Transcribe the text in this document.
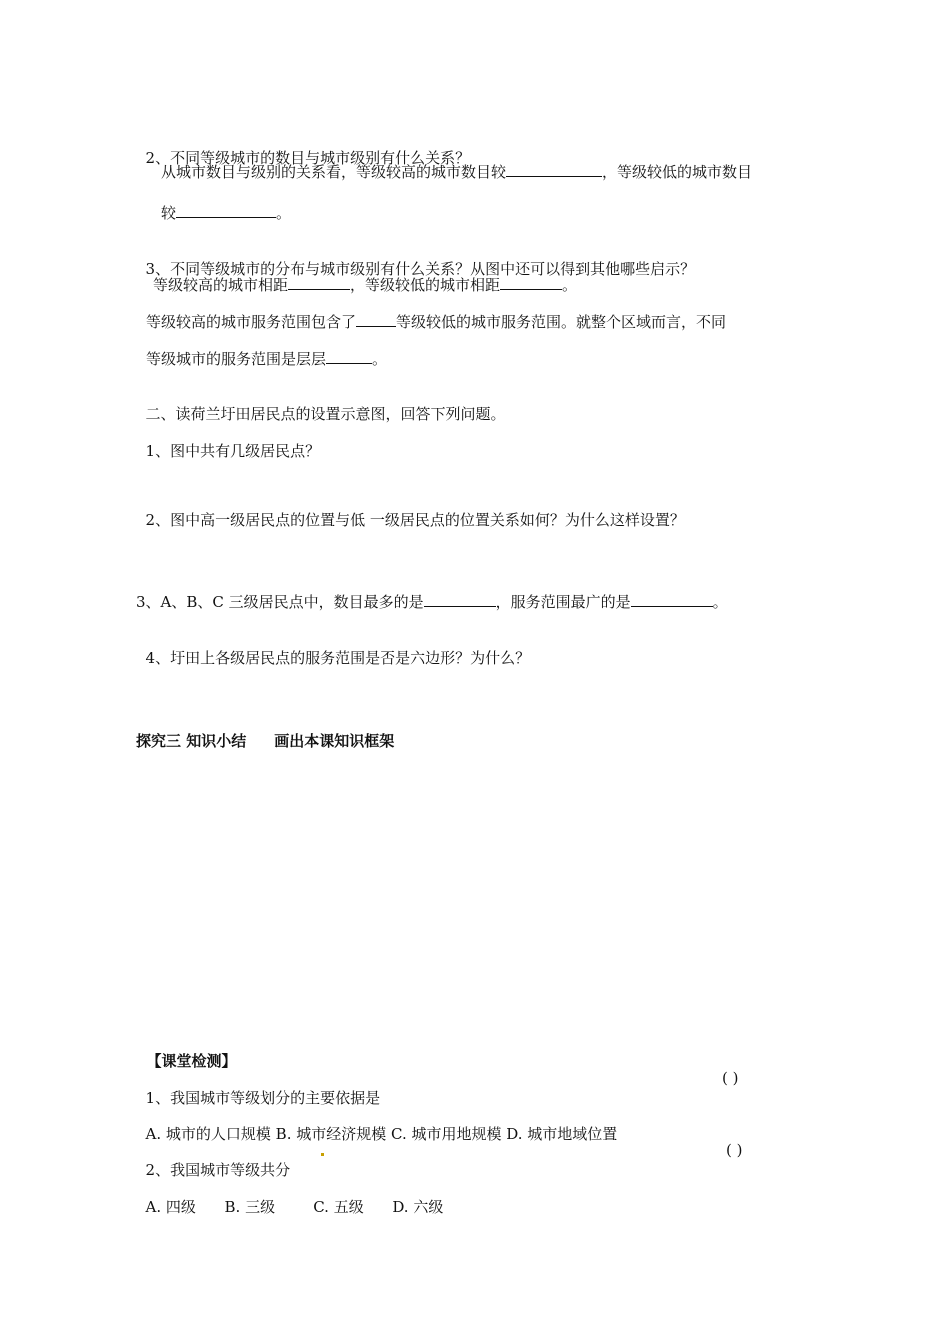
2、不同等级城市的数目与城市级别有什么关系？

从城市数目与级别的关系看，等级较高的城市数目较	，等级较低的城市数目
较	。

3、不同等级城市的分布与城市级别有什么关系？从图中还可以得到其他哪些启示？

等级较高的城市相距	，等级较低的城市相距	。
等级较高的城市服务范围包含了	等级较低的城市服务范围。就整个区域而言，不同
等级城市的服务范围是层层	。

二、读荷兰圩田居民点的设置示意图，回答下列问题。

1、图中共有几级居民点？

2、图中高一级居民点的位置与低 一级居民点的位置关系如何？为什么这样设置？

3、A、B、C 三级居民点中，数目最多的是	，服务范围最广的是	。

4、圩田上各级居民点的服务范围是否是六边形？为什么？

探究三 知识小结 画出本课知识框架

【课堂检测】

1、我国城市等级划分的主要依据是

( )

A. 城市的人口规模 B. 城市经济规模 C. 城市用地规模 D. 城市地域位置

2、我国城市等级共分

( )

A. 四级      B. 三级        C. 五级      D. 六级
